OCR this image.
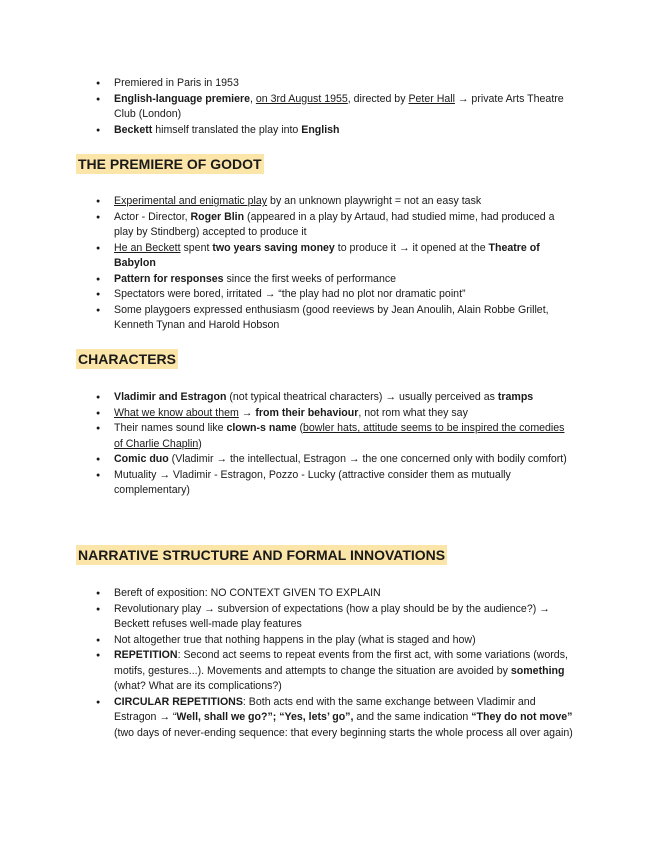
● Premiered in Paris in 1953
● English-language premiere, on 3rd August 1955, directed by Peter Hall → private Arts Theatre Club (London)
● Beckett himself translated the play into English
THE PREMIERE OF GODOT
● Experimental and enigmatic play by an unknown playwright = not an easy task
● Actor - Director, Roger Blin (appeared in a play by Artaud, had studied mime, had produced a play by Stindberg) accepted to produce it
● He an Beckett spent two years saving money to produce it → it opened at the Theatre of Babylon
● Pattern for responses since the first weeks of performance
● Spectators were bored, irritated → “the play had no plot nor dramatic point”
● Some playgoers expressed enthusiasm (good reeviews by Jean Anoulih, Alain Robbe Grillet, Kenneth Tynan and Harold Hobson
CHARACTERS
● Vladimir and Estragon (not typical theatrical characters) → usually perceived as tramps
● What we know about them → from their behaviour, not rom what they say
● Their names sound like clown-s name (bowler hats, attitude seems to be inspired the comedies of Charlie Chaplin)
● Comic duo (Vladimir → the intellectual, Estragon → the one concerned only with bodily comfort)
● Mutuality → Vladimir - Estragon, Pozzo - Lucky (attractive consider them as mutually complementary)
NARRATIVE STRUCTURE AND FORMAL INNOVATIONS
● Bereft of exposition: NO CONTEXT GIVEN TO EXPLAIN
● Revolutionary play → subversion of expectations (how a play should be by the audience?) → Beckett refuses well-made play features
● Not altogether true that nothing happens in the play (what is staged and how)
● REPETITION: Second act seems to repeat events from the first act, with some variations (words, motifs, gestures...). Movements and attempts to change the situation are avoided by something (what? What are its complications?)
● CIRCULAR REPETITIONS: Both acts end with the same exchange between Vladimir and Estragon → “Well, shall we go?”; “Yes, lets’ go”, and the same indication “They do not move” (two days of never-ending sequence: that every beginning starts the whole process all over again)
